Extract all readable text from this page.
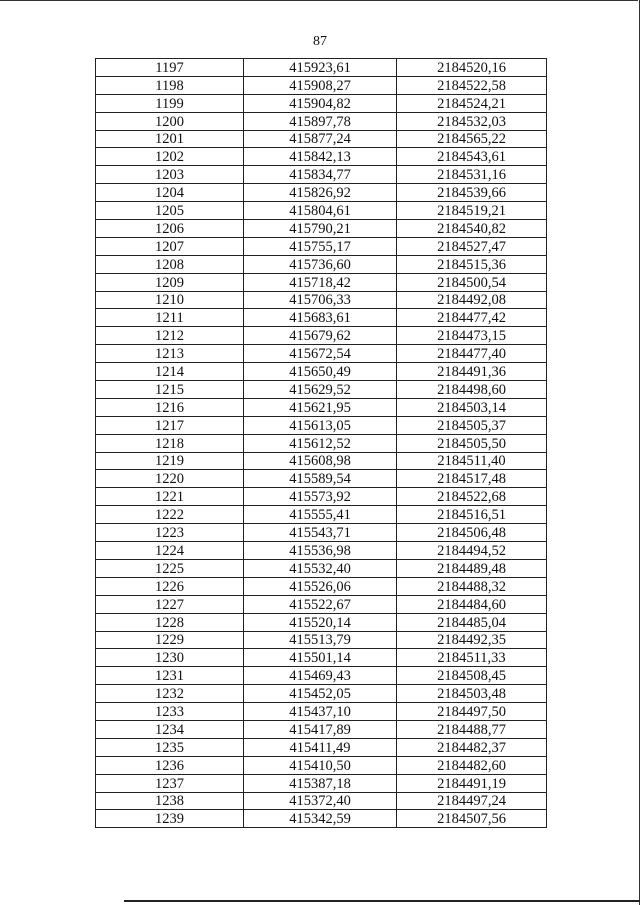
87
1197	415923,61	2184520,16
1198	415908,27	2184522,58
1199	415904,82	2184524,21
1200	415897,78	2184532,03
1201	415877,24	2184565,22
1202	415842,13	2184543,61
1203	415834,77	2184531,16
1204	415826,92	2184539,66
1205	415804,61	2184519,21
1206	415790,21	2184540,82
1207	415755,17	2184527,47
1208	415736,60	2184515,36
1209	415718,42	2184500,54
1210	415706,33	2184492,08
1211	415683,61	2184477,42
1212	415679,62	2184473,15
1213	415672,54	2184477,40
1214	415650,49	2184491,36
1215	415629,52	2184498,60
1216	415621,95	2184503,14
1217	415613,05	2184505,37
1218	415612,52	2184505,50
1219	415608,98	2184511,40
1220	415589,54	2184517,48
1221	415573,92	2184522,68
1222	415555,41	2184516,51
1223	415543,71	2184506,48
1224	415536,98	2184494,52
1225	415532,40	2184489,48
1226	415526,06	2184488,32
1227	415522,67	2184484,60
1228	415520,14	2184485,04
1229	415513,79	2184492,35
1230	415501,14	2184511,33
1231	415469,43	2184508,45
1232	415452,05	2184503,48
1233	415437,10	2184497,50
1234	415417,89	2184488,77
1235	415411,49	2184482,37
1236	415410,50	2184482,60
1237	415387,18	2184491,19
1238	415372,40	2184497,24
1239	415342,59	2184507,56
